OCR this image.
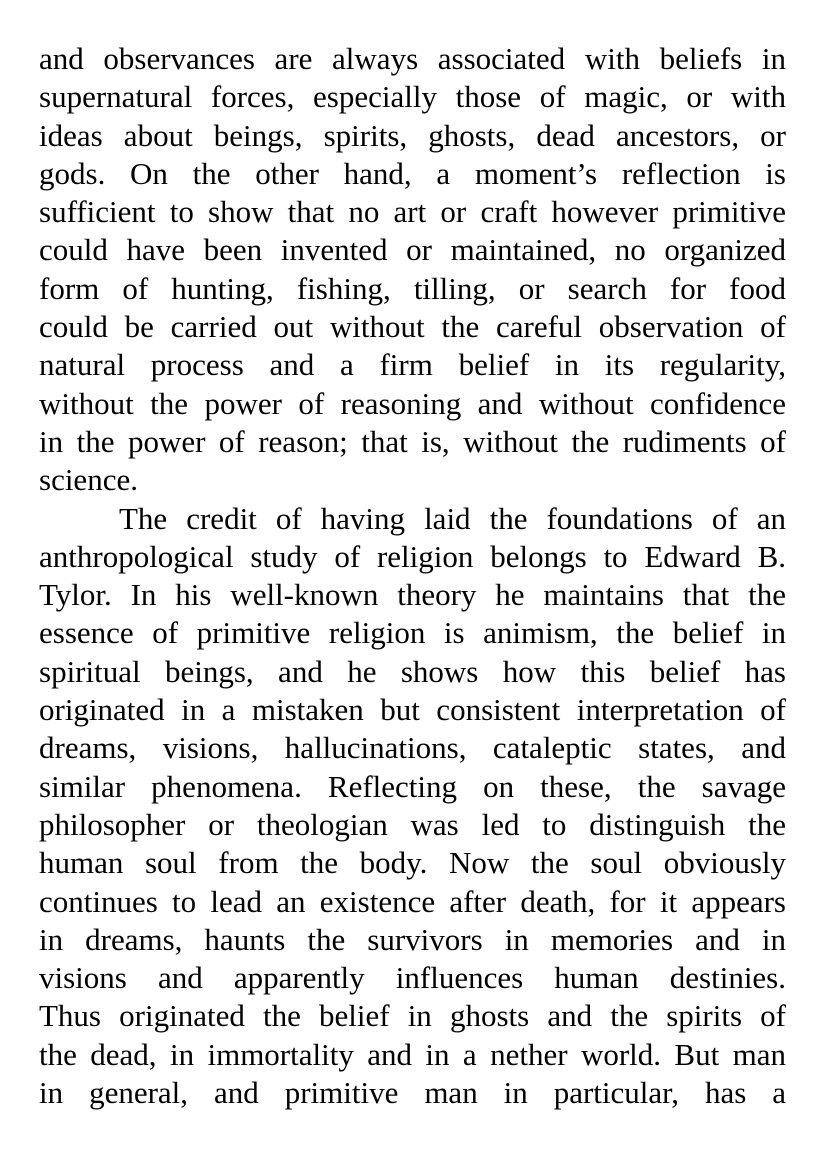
and observances are always associated with beliefs in
supernatural forces, especially those of magic, or with
ideas about beings, spirits, ghosts, dead ancestors, or
gods. On the other hand, a moment’s reflection is
sufficient to show that no art or craft however primitive
could have been invented or maintained, no organized
form of hunting, fishing, tilling, or search for food
could be carried out without the careful observation of
natural process and a firm belief in its regularity,
without the power of reasoning and without confidence
in the power of reason; that is, without the rudiments of
science.

The credit of having laid the foundations of an
anthropological study of religion belongs to Edward B.
Tylor. In his well-known theory he maintains that the
essence of primitive religion is animism, the belief in
spiritual beings, and he shows how this belief has
originated in a mistaken but consistent interpretation of
dreams, visions, hallucinations, cataleptic states, and
similar phenomena. Reflecting on these, the savage
philosopher or theologian was led to distinguish the
human soul from the body. Now the soul obviously
continues to lead an existence after death, for it appears
in dreams, haunts the survivors in memories and in
visions and apparently influences human destinies.
Thus originated the belief in ghosts and the spirits of
the dead, in immortality and in a nether world. But man
in general, and primitive man in particular, has a
